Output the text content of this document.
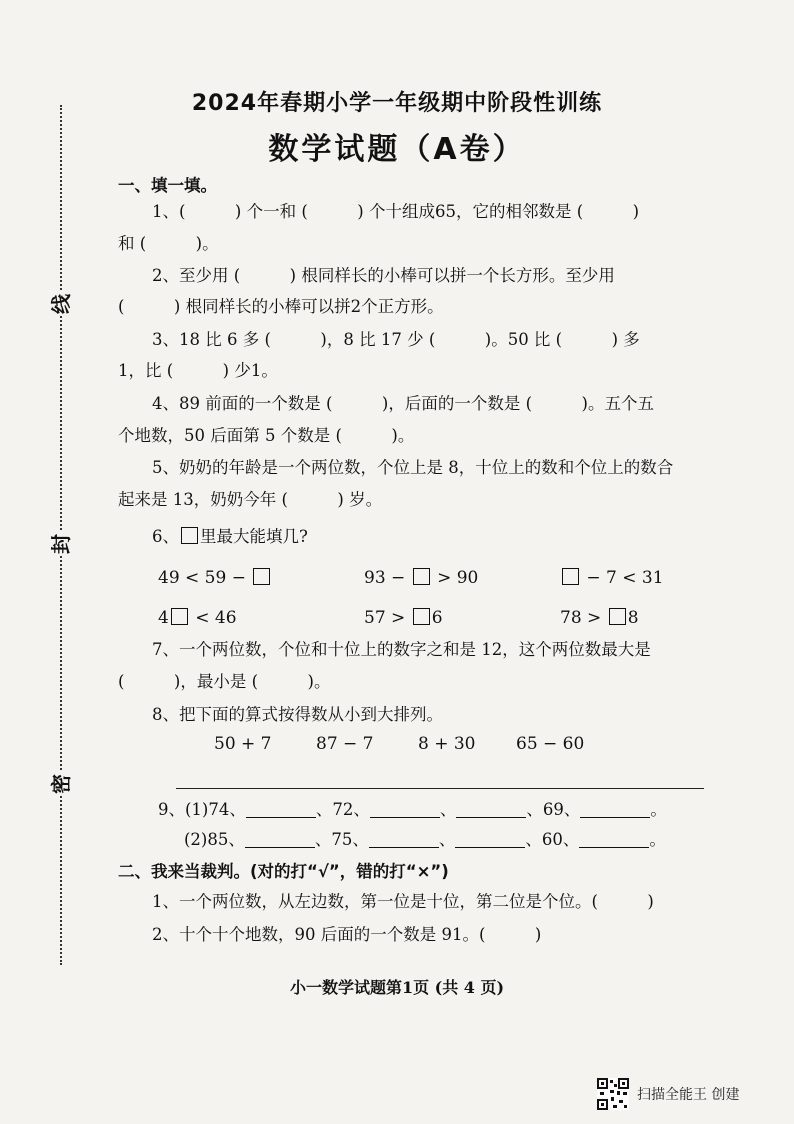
线
封
密
2024年春期小学一年级期中阶段性训练
数学试题（A卷）
一、填一填。
1、(　　　) 个一和 (　　　) 个十组成65，它的相邻数是 (　　　)
和 (　　　)。
2、至少用 (　　　) 根同样长的小棒可以拼一个长方形。至少用
(　　　) 根同样长的小棒可以拼2个正方形。
3、18 比 6 多 (　　　)，8 比 17 少 (　　　)。50 比 (　　　) 多
1，比 (　　　) 少1。
4、89 前面的一个数是 (　　　)，后面的一个数是 (　　　)。五个五
个地数，50 后面第 5 个数是 (　　　)。
5、奶奶的年龄是一个两位数，个位上是 8，十位上的数和个位上的数合
起来是 13，奶奶今年 (　　　) 岁。
6、 里最大能填几?
49 < 59 −	93 −  > 90	− 7 < 31
4 < 46	57 > 6	78 > 8
7、一个两位数，个位和十位上的数字之和是 12，这个两位数最大是
(　　　)，最小是 (　　　)。
8、把下面的算式按得数从小到大排列。
50 + 7	87 − 7	8 + 30 65 − 60
9、(1)74、	、72、	、	、69、	。
(2)85、	、75、	、	、60、	。
二、我来当裁判。(对的打“√”，错的打“×”)
1、一个两位数，从左边数，第一位是十位，第二位是个位。(　　　)
2、十个十个地数，90 后面的一个数是 91。(　　　)
小一数学试题第1页 (共 4 页)
扫描全能王 创建
